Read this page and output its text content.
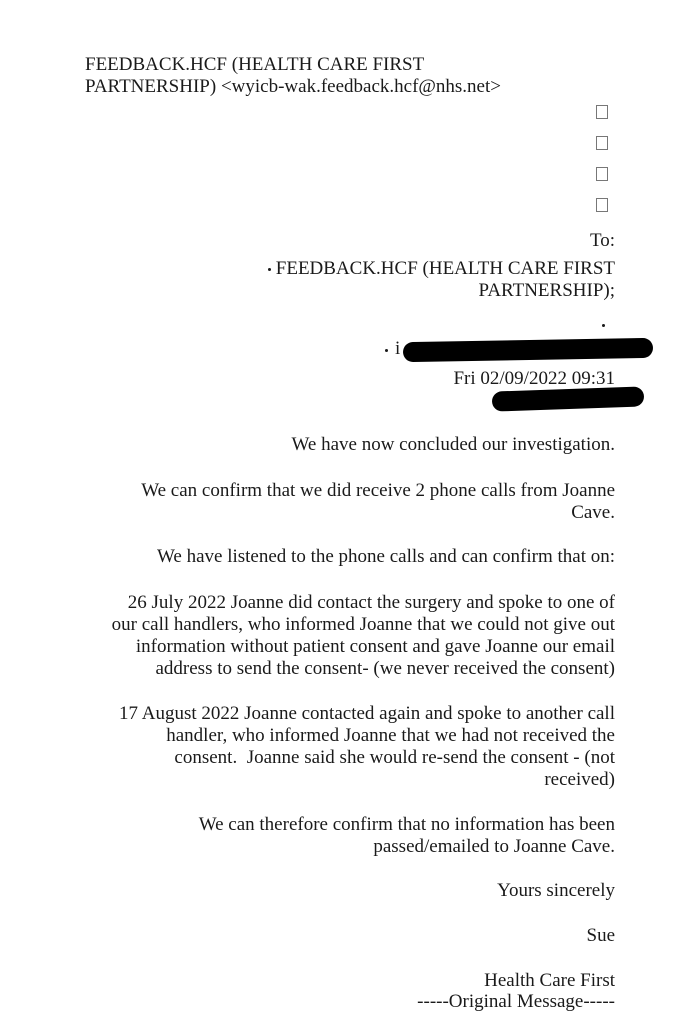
FEEDBACK.HCF (HEALTH CARE FIRST
PARTNERSHIP) <wyicb-wak.feedback.hcf@nhs.net>
To:
FEEDBACK.HCF (HEALTH CARE FIRST
PARTNERSHIP);
i
Fri 02/09/2022 09:31
We have now concluded our investigation.
We can confirm that we did receive 2 phone calls from Joanne
Cave.
We have listened to the phone calls and can confirm that on:
26 July 2022 Joanne did contact the surgery and spoke to one of
our call handlers, who informed Joanne that we could not give out
information without patient consent and gave Joanne our email
address to send the consent- (we never received the consent)
17 August 2022 Joanne contacted again and spoke to another call
handler, who informed Joanne that we had not received the
consent.  Joanne said she would re-send the consent - (not
received)
We can therefore confirm that no information has been
passed/emailed to Joanne Cave.
Yours sincerely
Sue
Health Care First
-----Original Message-----
